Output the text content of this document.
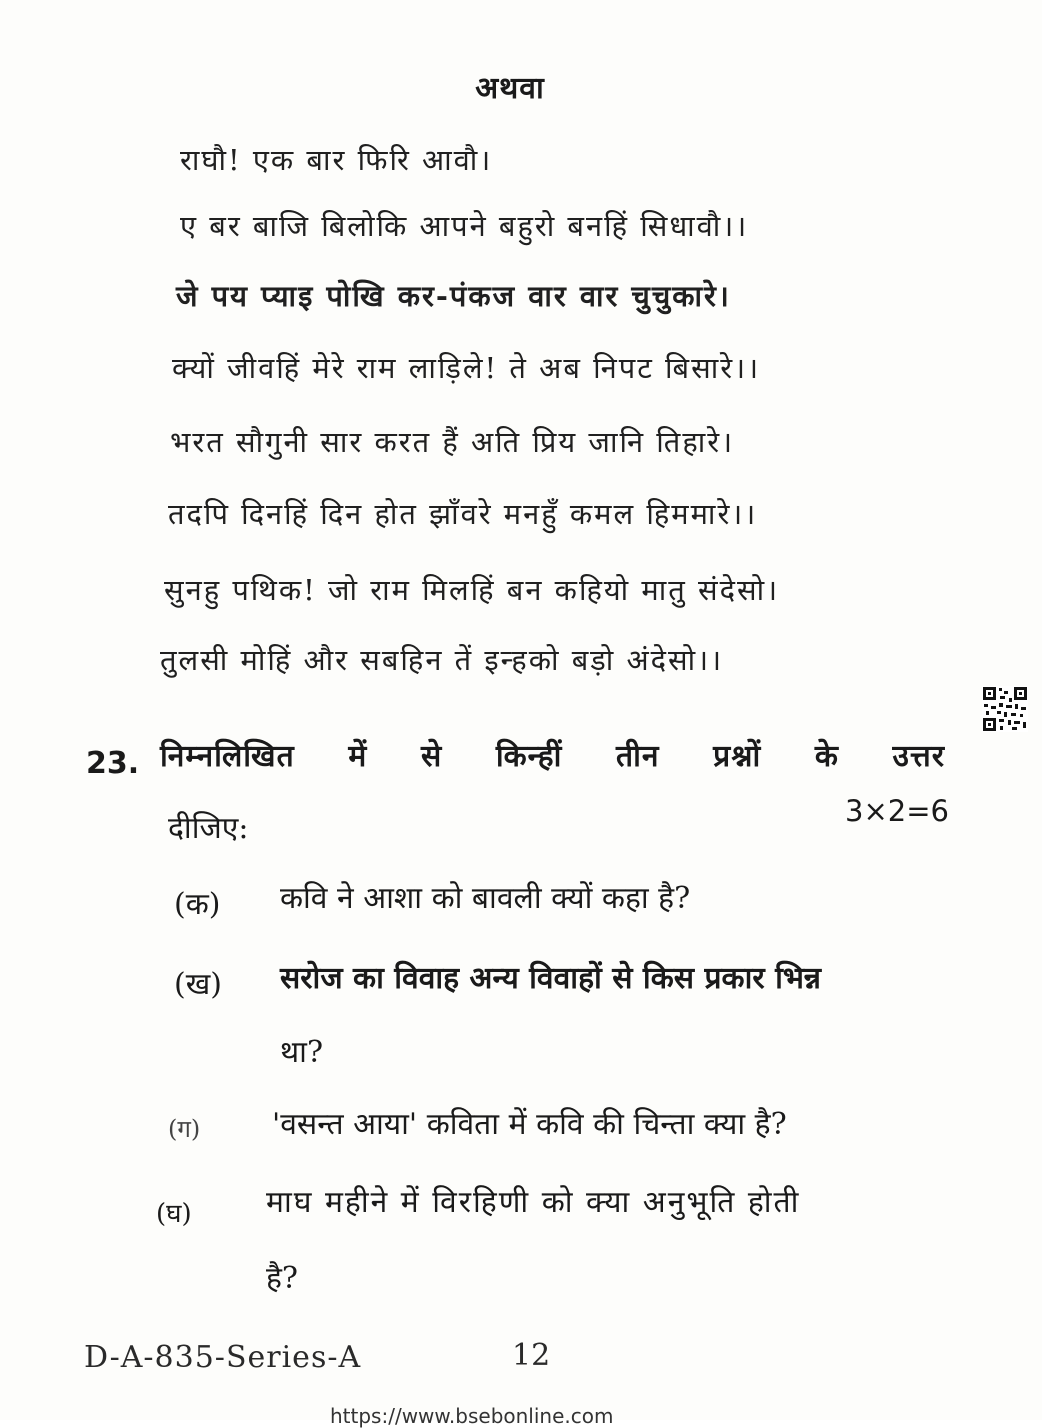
अथवा
राघौ! एक बार फिरि आवौ।
ए बर बाजि बिलोकि आपने बहुरो बनहिं सिधावौ।।
जे पय प्याइ पोखि कर-पंकज वार वार चुचुकारे।
क्यों जीवहिं मेरे राम लाड़िले! ते अब निपट बिसारे।।
भरत सौगुनी सार करत हैं अति प्रिय जानि तिहारे।
तदपि दिनहिं दिन होत झाँवरे मनहुँ कमल हिममारे।।
सुनहु पथिक! जो राम मिलहिं बन कहियो मातु संदेसो।
तुलसी मोहिं और सबहिन तें इन्हको बड़ो अंदेसो।।
23. निम्नलिखित में से किन्हीं तीन प्रश्नों के उत्तर
दीजिए:	3×2=6
(क) कवि ने आशा को बावली क्यों कहा है?
(ख) सरोज का विवाह अन्य विवाहों से किस प्रकार भिन्न
था?
(ग) 'वसन्त आया' कविता में कवि की चिन्ता क्या है?
(घ) माघ महीने में विरहिणी को क्या अनुभूति होती
है?
D-A-835-Series-A	12
https://www.bsebonline.com
